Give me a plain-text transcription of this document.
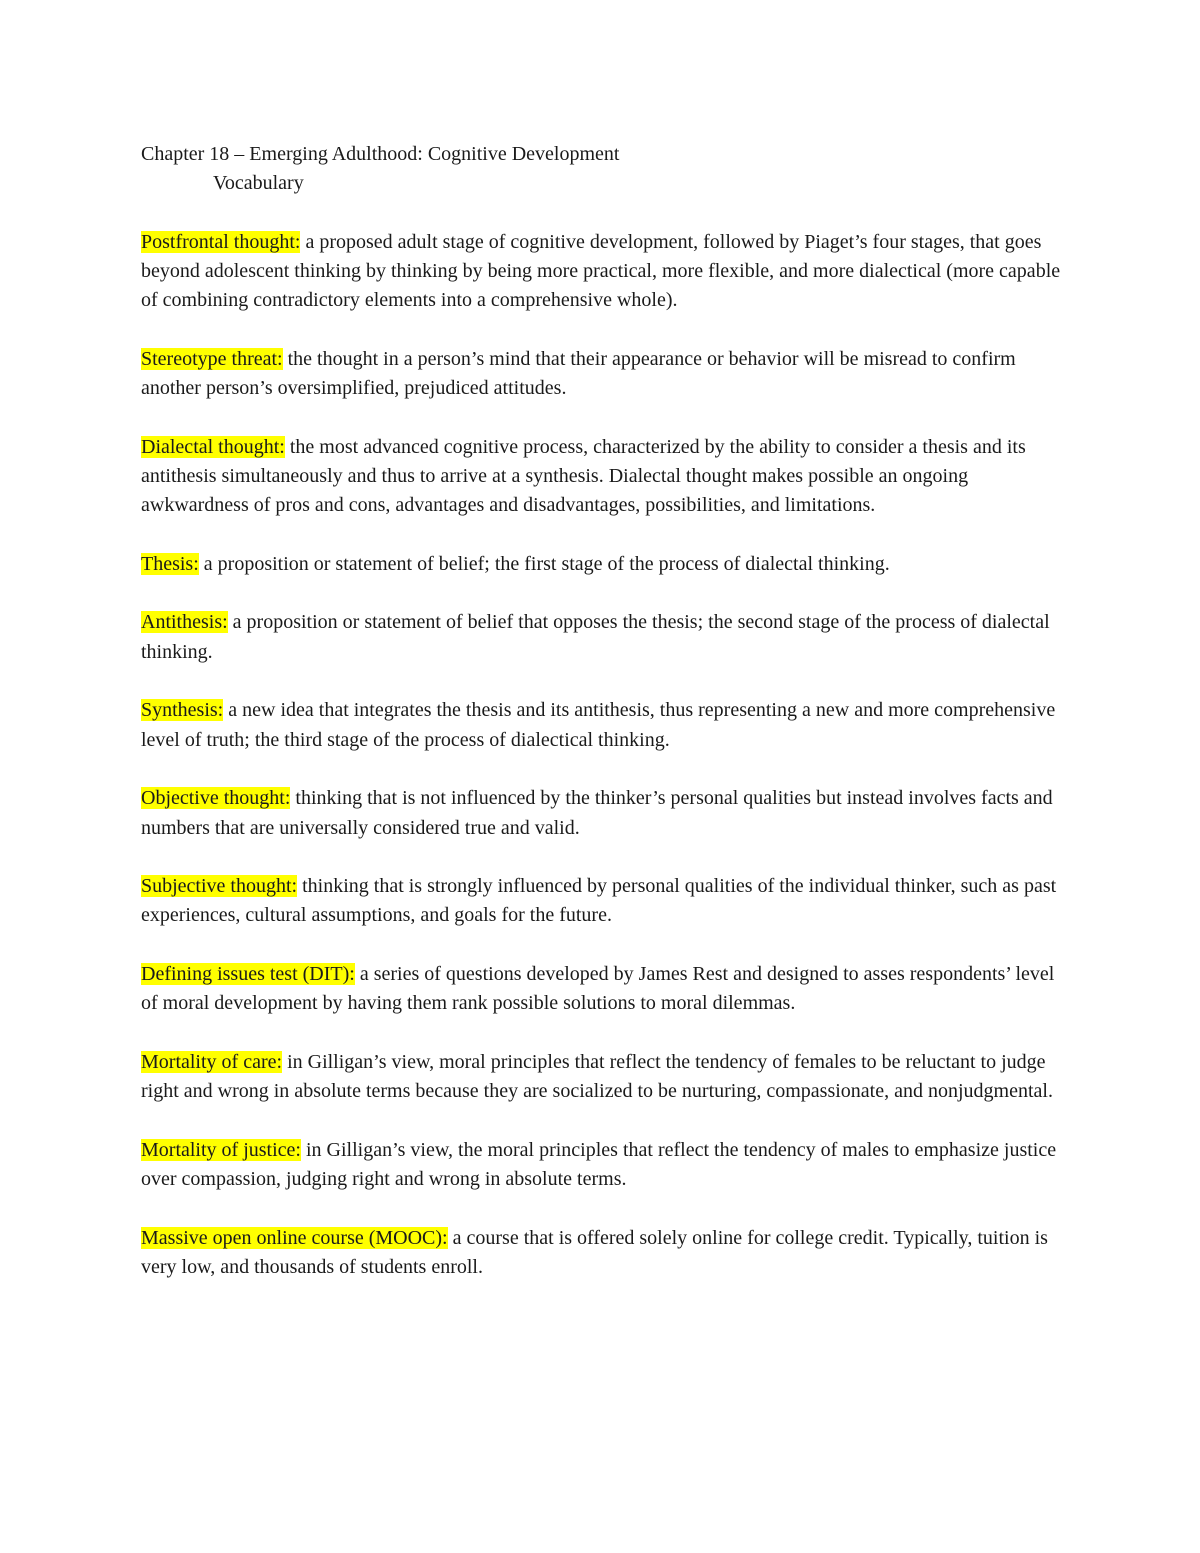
Chapter 18 – Emerging Adulthood: Cognitive Development

Vocabulary

Postfrontal thought: a proposed adult stage of cognitive development, followed by Piaget’s four stages, that goes beyond adolescent thinking by thinking by being more practical, more flexible, and more dialectical (more capable of combining contradictory elements into a comprehensive whole).

Stereotype threat: the thought in a person’s mind that their appearance or behavior will be misread to confirm another person’s oversimplified, prejudiced attitudes.

Dialectal thought: the most advanced cognitive process, characterized by the ability to consider a thesis and its antithesis simultaneously and thus to arrive at a synthesis. Dialectal thought makes possible an ongoing awkwardness of pros and cons, advantages and disadvantages, possibilities, and limitations.

Thesis: a proposition or statement of belief; the first stage of the process of dialectal thinking.

Antithesis: a proposition or statement of belief that opposes the thesis; the second stage of the process of dialectal thinking.

Synthesis: a new idea that integrates the thesis and its antithesis, thus representing a new and more comprehensive level of truth; the third stage of the process of dialectical thinking.

Objective thought: thinking that is not influenced by the thinker’s personal qualities but instead involves facts and numbers that are universally considered true and valid.

Subjective thought: thinking that is strongly influenced by personal qualities of the individual thinker, such as past experiences, cultural assumptions, and goals for the future.

Defining issues test (DIT): a series of questions developed by James Rest and designed to asses respondents’ level of moral development by having them rank possible solutions to moral dilemmas.

Mortality of care: in Gilligan’s view, moral principles that reflect the tendency of females to be reluctant to judge right and wrong in absolute terms because they are socialized to be nurturing, compassionate, and nonjudgmental.

Mortality of justice: in Gilligan’s view, the moral principles that reflect the tendency of males to emphasize justice over compassion, judging right and wrong in absolute terms.

Massive open online course (MOOC): a course that is offered solely online for college credit. Typically, tuition is very low, and thousands of students enroll.
